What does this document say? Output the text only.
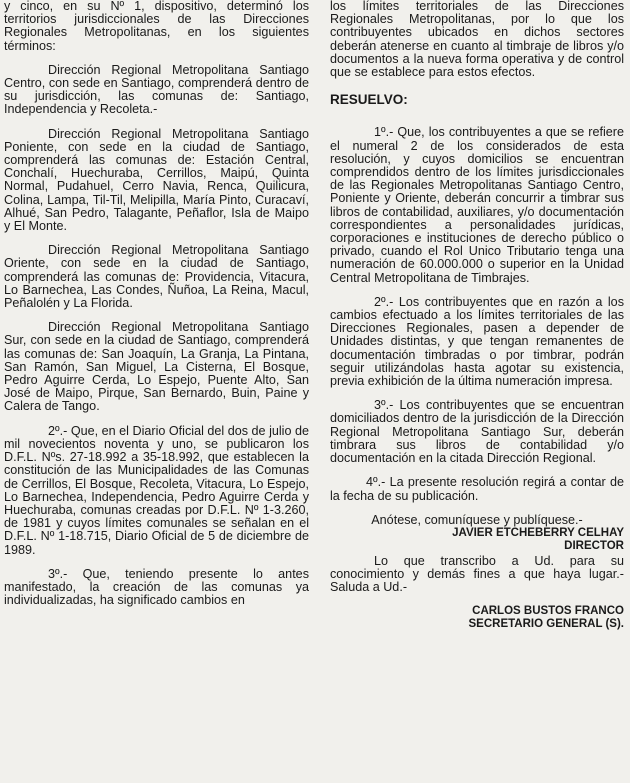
y cinco, en su Nº 1, dispositivo, determinó los territorios jurisdiccionales de las Direcciones Regionales Metropolitanas, en los siguientes términos:

Dirección Regional Metropolitana Santiago Centro, con sede en Santiago, comprenderá dentro de su jurisdicción, las comunas de: Santiago, Independencia y Recoleta.-

Dirección Regional Metropolitana Santiago Poniente, con sede en la ciudad de Santiago, comprenderá las comunas de: Estación Central, Conchalí, Huechuraba, Cerrillos, Maipú, Quinta Normal, Pudahuel, Cerro Navia, Renca, Quilicura, Colina, Lampa, Til-Til, Melipilla, María Pinto, Curacaví, Alhué, San Pedro, Talagante, Peñaflor, Isla de Maipo y El Monte.

Dirección Regional Metropolitana Santiago Oriente, con sede en la ciudad de Santiago, comprenderá las comunas de: Providencia, Vitacura, Lo Barnechea, Las Condes, Ñuñoa, La Reina, Macul, Peñalolén y La Florida.

Dirección Regional Metropolitana Santiago Sur, con sede en la ciudad de Santiago, comprenderá las comunas de: San Joaquín, La Granja, La Pintana, San Ramón, San Miguel, La Cisterna, El Bosque, Pedro Aguirre Cerda, Lo Espejo, Puente Alto, San José de Maipo, Pirque, San Bernardo, Buin, Paine y Calera de Tango.

2º.- Que, en el Diario Oficial del dos de julio de mil novecientos noventa y uno, se publicaron los D.F.L. Nºs. 27-18.992 a 35-18.992, que establecen la constitución de las Municipalidades de las Comunas de Cerrillos, El Bosque, Recoleta, Vitacura, Lo Espejo, Lo Barnechea, Independencia, Pedro Aguirre Cerda y Huechuraba, comunas creadas por D.F.L. Nº 1-3.260, de 1981 y cuyos límites comunales se señalan en el D.F.L. Nº 1-18.715, Diario Oficial de 5 de diciembre de 1989.

3º.- Que, teniendo presente lo antes manifestado, la creación de las comunas ya individualizadas, ha significado cambios en

los límites territoriales de las Direcciones Regionales Metropolitanas, por lo que los contribuyentes ubicados en dichos sectores deberán atenerse en cuanto al timbraje de libros y/o documentos a la nueva forma operativa y de control que se establece para estos efectos.

RESUELVO:

1º.- Que, los contribuyentes a que se refiere el numeral 2 de los considerados de esta resolución, y cuyos domicilios se encuentran comprendidos dentro de los límites jurisdiccionales de las Regionales Metropolitanas Santiago Centro, Poniente y Oriente, deberán concurrir a timbrar sus libros de contabilidad, auxiliares, y/o documentación correspondientes a personalidades jurídicas, corporaciones e instituciones de derecho público o privado, cuando el Rol Unico Tributario tenga una numeración de 60.000.000 o superior en la Unidad Central Metropolitana de Timbrajes.

2º.- Los contribuyentes que en razón a los cambios efectuado a los límites territoriales de las Direcciones Regionales, pasen a depender de Unidades distintas, y que tengan remanentes de documentación timbradas o por timbrar, podrán seguir utilizándolas hasta agotar su existencia, previa exhibición de la última numeración impresa.

3º.- Los contribuyentes que se encuentran domiciliados dentro de la jurisdicción de la Dirección Regional Metropolitana Santiago Sur, deberán timbrara sus libros de contabilidad y/o documentación en la citada Dirección Regional.

4º.- La presente resolución regirá a contar de la fecha de su publicación.

Anótese, comuníquese y publíquese.-

JAVIER ETCHEBERRY CELHAY

DIRECTOR

Lo que transcribo a Ud. para su conocimiento y demás fines a que haya lugar.- Saluda a Ud.-

CARLOS BUSTOS FRANCO

SECRETARIO GENERAL (S).
